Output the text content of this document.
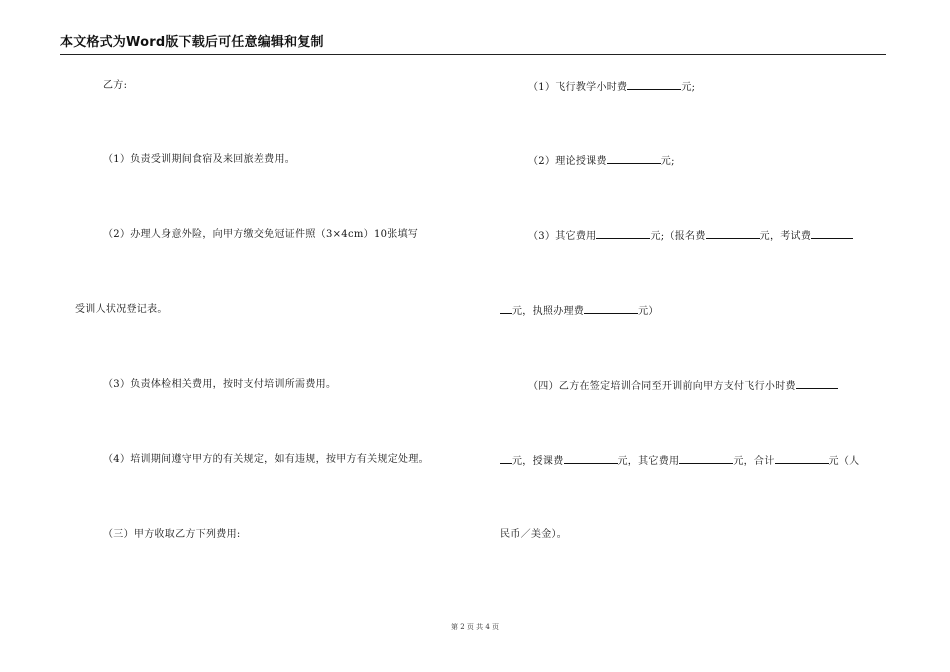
本文格式为Word版下载后可任意编辑和复制
乙方:
（1）负责受训期间食宿及来回旅差费用。
（2）办理人身意外险，向甲方缴交免冠证件照（3×4cm）10张填写
受训人状况登记表。
（3）负责体检相关费用，按时支付培训所需费用。
（4）培训期间遵守甲方的有关规定，如有违规，按甲方有关规定处理。
（三）甲方收取乙方下列费用:
（1）飞行教学小时费	元;
（2）理论授课费	元;
（3）其它费用	元;（报名费	元，考试费
元，执照办理费	元）
（四）乙方在签定培训合同至开训前向甲方支付飞行小时费
元，授课费	元，其它费用	元，合计	元（人
民币／美金）。
第 2 页 共 4 页
